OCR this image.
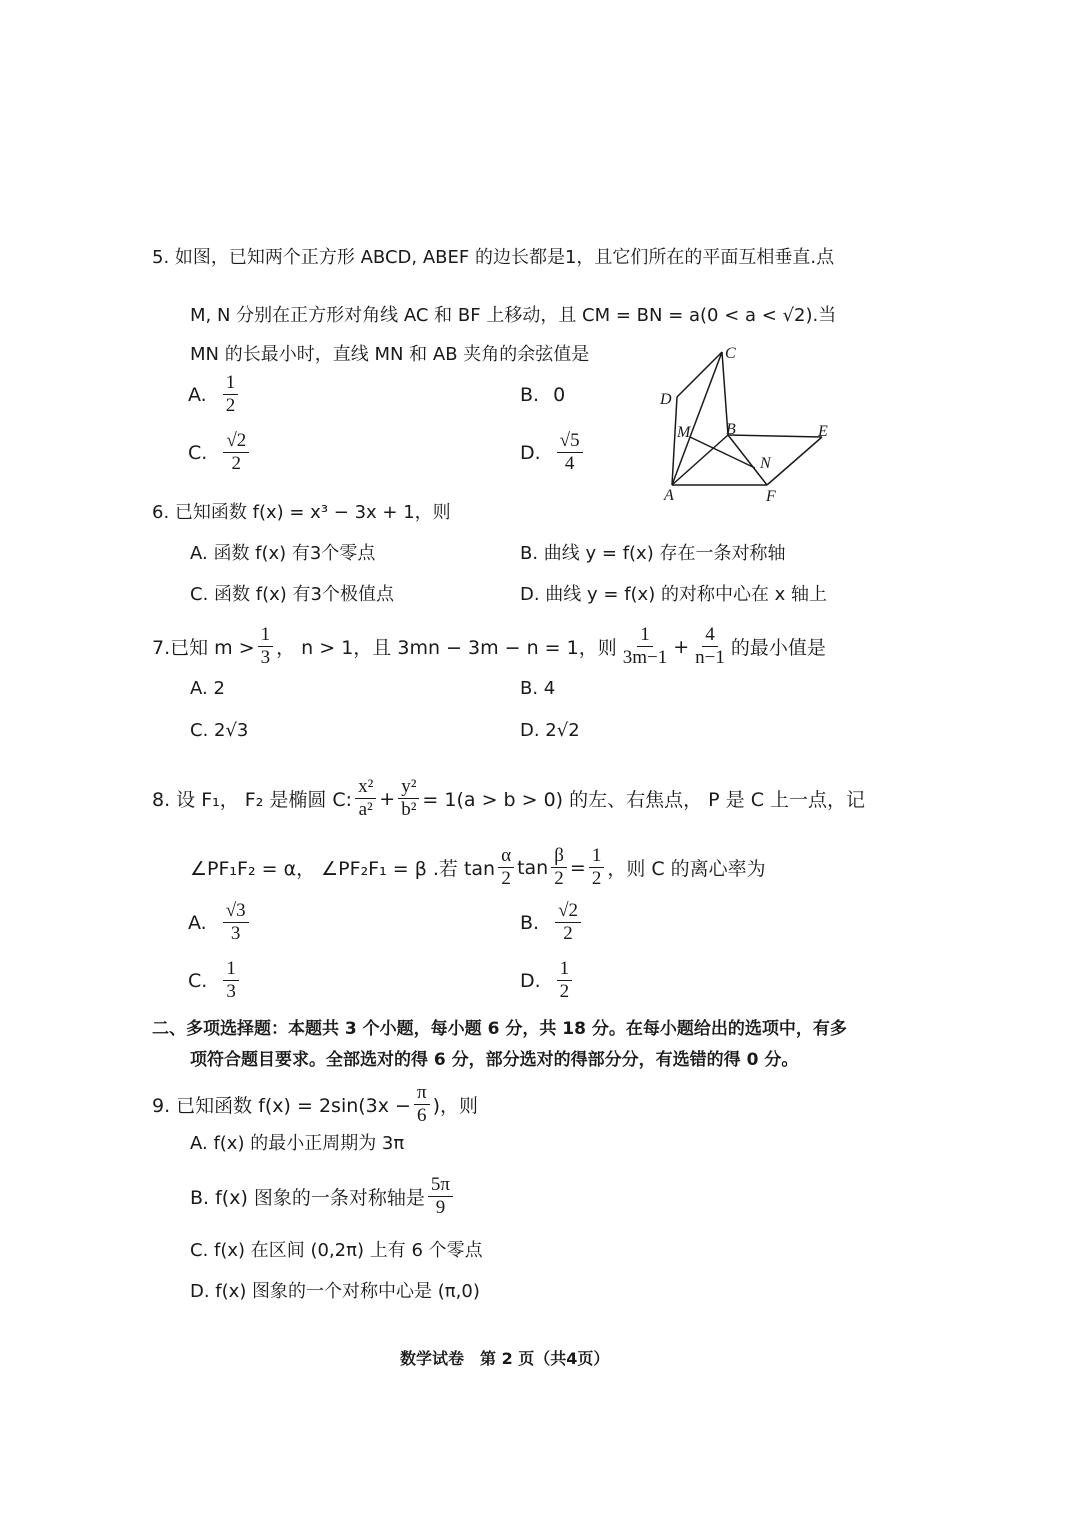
5. 如图，已知两个正方形 ABCD, ABEF 的边长都是1，且它们所在的平面互相垂直.点
M, N 分别在正方形对角线 AC 和 BF 上移动，且 CM = BN = a(0 < a < √2).当
MN 的长最小时，直线 MN 和 AB 夹角的余弦值是
A. $\frac{1}{2}$	B. 0
C. $\frac{√2}{2}$	D. $\frac{√5}{4}$
C
D
M B	E
N
A	F
6. 已知函数 f(x) = x³ − 3x + 1，则
A. 函数 f(x) 有3个零点	B. 曲线 y = f(x) 存在一条对称轴
C. 函数 f(x) 有3个极值点	D. 曲线 y = f(x) 的对称中心在 x 轴上
7.已知 $m > \frac{1}{3}$ ， n > 1，且 3mn − 3m − n = 1，则 $\frac{1}{3m-1} + \frac{4}{n-1}$ 的最小值是
A. 2	B. 4
C. 2√3	D. 2√2
8. 设 F₁， F₂ 是椭圆 C: $\frac{\text{x²}}{\text{a²}} + \frac{\text{y²}}{\text{b²}} = 1(a > b > 0)$ 的左、右焦点， P 是 C 上一点，记
∠PF₁F₂ = α， ∠PF₂F₁ = β .若 $\tan \frac{\alpha}{2}$ $\tan \frac{\beta}{2} = \frac{1}{2}$ ，则 C 的离心率为
A. $\frac{√3}{3}$	B. $\frac{√2}{2}$
C. $\frac{1}{3}$	D. $\frac{1}{2}$
二、多项选择题：本题共 3 个小题，每小题 6 分，共 18 分。在每小题给出的选项中，有多
项符合题目要求。全部选对的得 6 分，部分选对的得部分分，有选错的得 0 分。
9. 已知函数 $f(x) = 2\sin(3x - \frac{\pi}{6}$ )，则
A. f(x) 的最小正周期为 3π
B. f(x) 图象的一条对称轴是 $\frac{5\pi}{9}$
C. f(x) 在区间 (0,2π) 上有 6 个零点
D. f(x) 图象的一个对称中心是 (π,0)
数学试卷　第 2 页（共4页）
